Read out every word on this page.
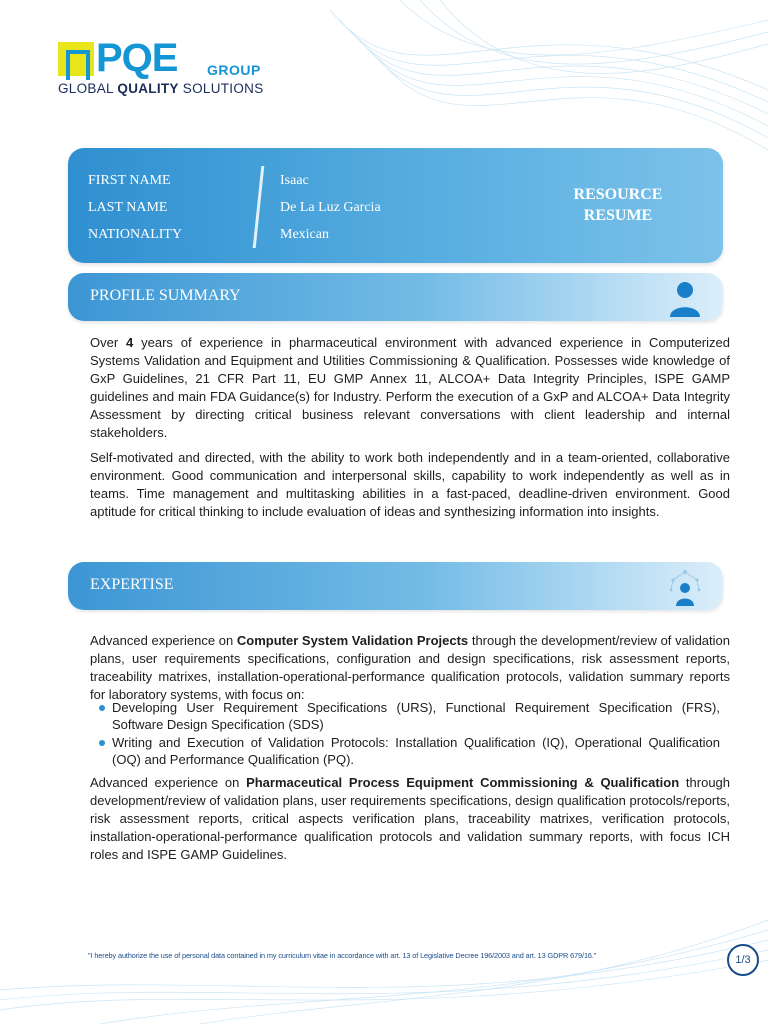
PQE GROUP
GLOBAL QUALITY SOLUTIONS
FIRST NAME
LAST NAME
NATIONALITY
Isaac
De La Luz Garcia
Mexican
RESOURCE
RESUME
PROFILE SUMMARY
Over 4 years of experience in pharmaceutical environment with advanced experience in Computerized Systems Validation and Equipment and Utilities Commissioning & Qualification. Possesses wide knowledge of GxP Guidelines, 21 CFR Part 11, EU GMP Annex 11, ALCOA+ Data Integrity Principles, ISPE GAMP guidelines and main FDA Guidance(s) for Industry. Perform the execution of a GxP and ALCOA+ Data Integrity Assessment by directing critical business relevant conversations with client leadership and internal stakeholders.
Self-motivated and directed, with the ability to work both independently and in a team-oriented, collaborative environment. Good communication and interpersonal skills, capability to work independently as well as in teams. Time management and multitasking abilities in a fast-paced, deadline-driven environment. Good aptitude for critical thinking to include evaluation of ideas and synthesizing information into insights.
EXPERTISE
Advanced experience on Computer System Validation Projects through the development/review of validation plans, user requirements specifications, configuration and design specifications, risk assessment reports, traceability matrixes, installation-operational-performance qualification protocols, validation summary reports for laboratory systems, with focus on:
Developing User Requirement Specifications (URS), Functional Requirement Specification (FRS), Software Design Specification (SDS)
Writing and Execution of Validation Protocols: Installation Qualification (IQ), Operational Qualification (OQ) and Performance Qualification (PQ).
Advanced experience on Pharmaceutical Process Equipment Commissioning & Qualification through development/review of validation plans, user requirements specifications, design qualification protocols/reports, risk assessment reports, critical aspects verification plans, traceability matrixes, verification protocols, installation-operational-performance qualification protocols and validation summary reports, with focus ICH roles and ISPE GAMP Guidelines.
"I hereby authorize the use of personal data contained in my curriculum vitae in accordance with art. 13 of Legislative Decree 196/2003 and art. 13 GDPR 679/16."	1/3
